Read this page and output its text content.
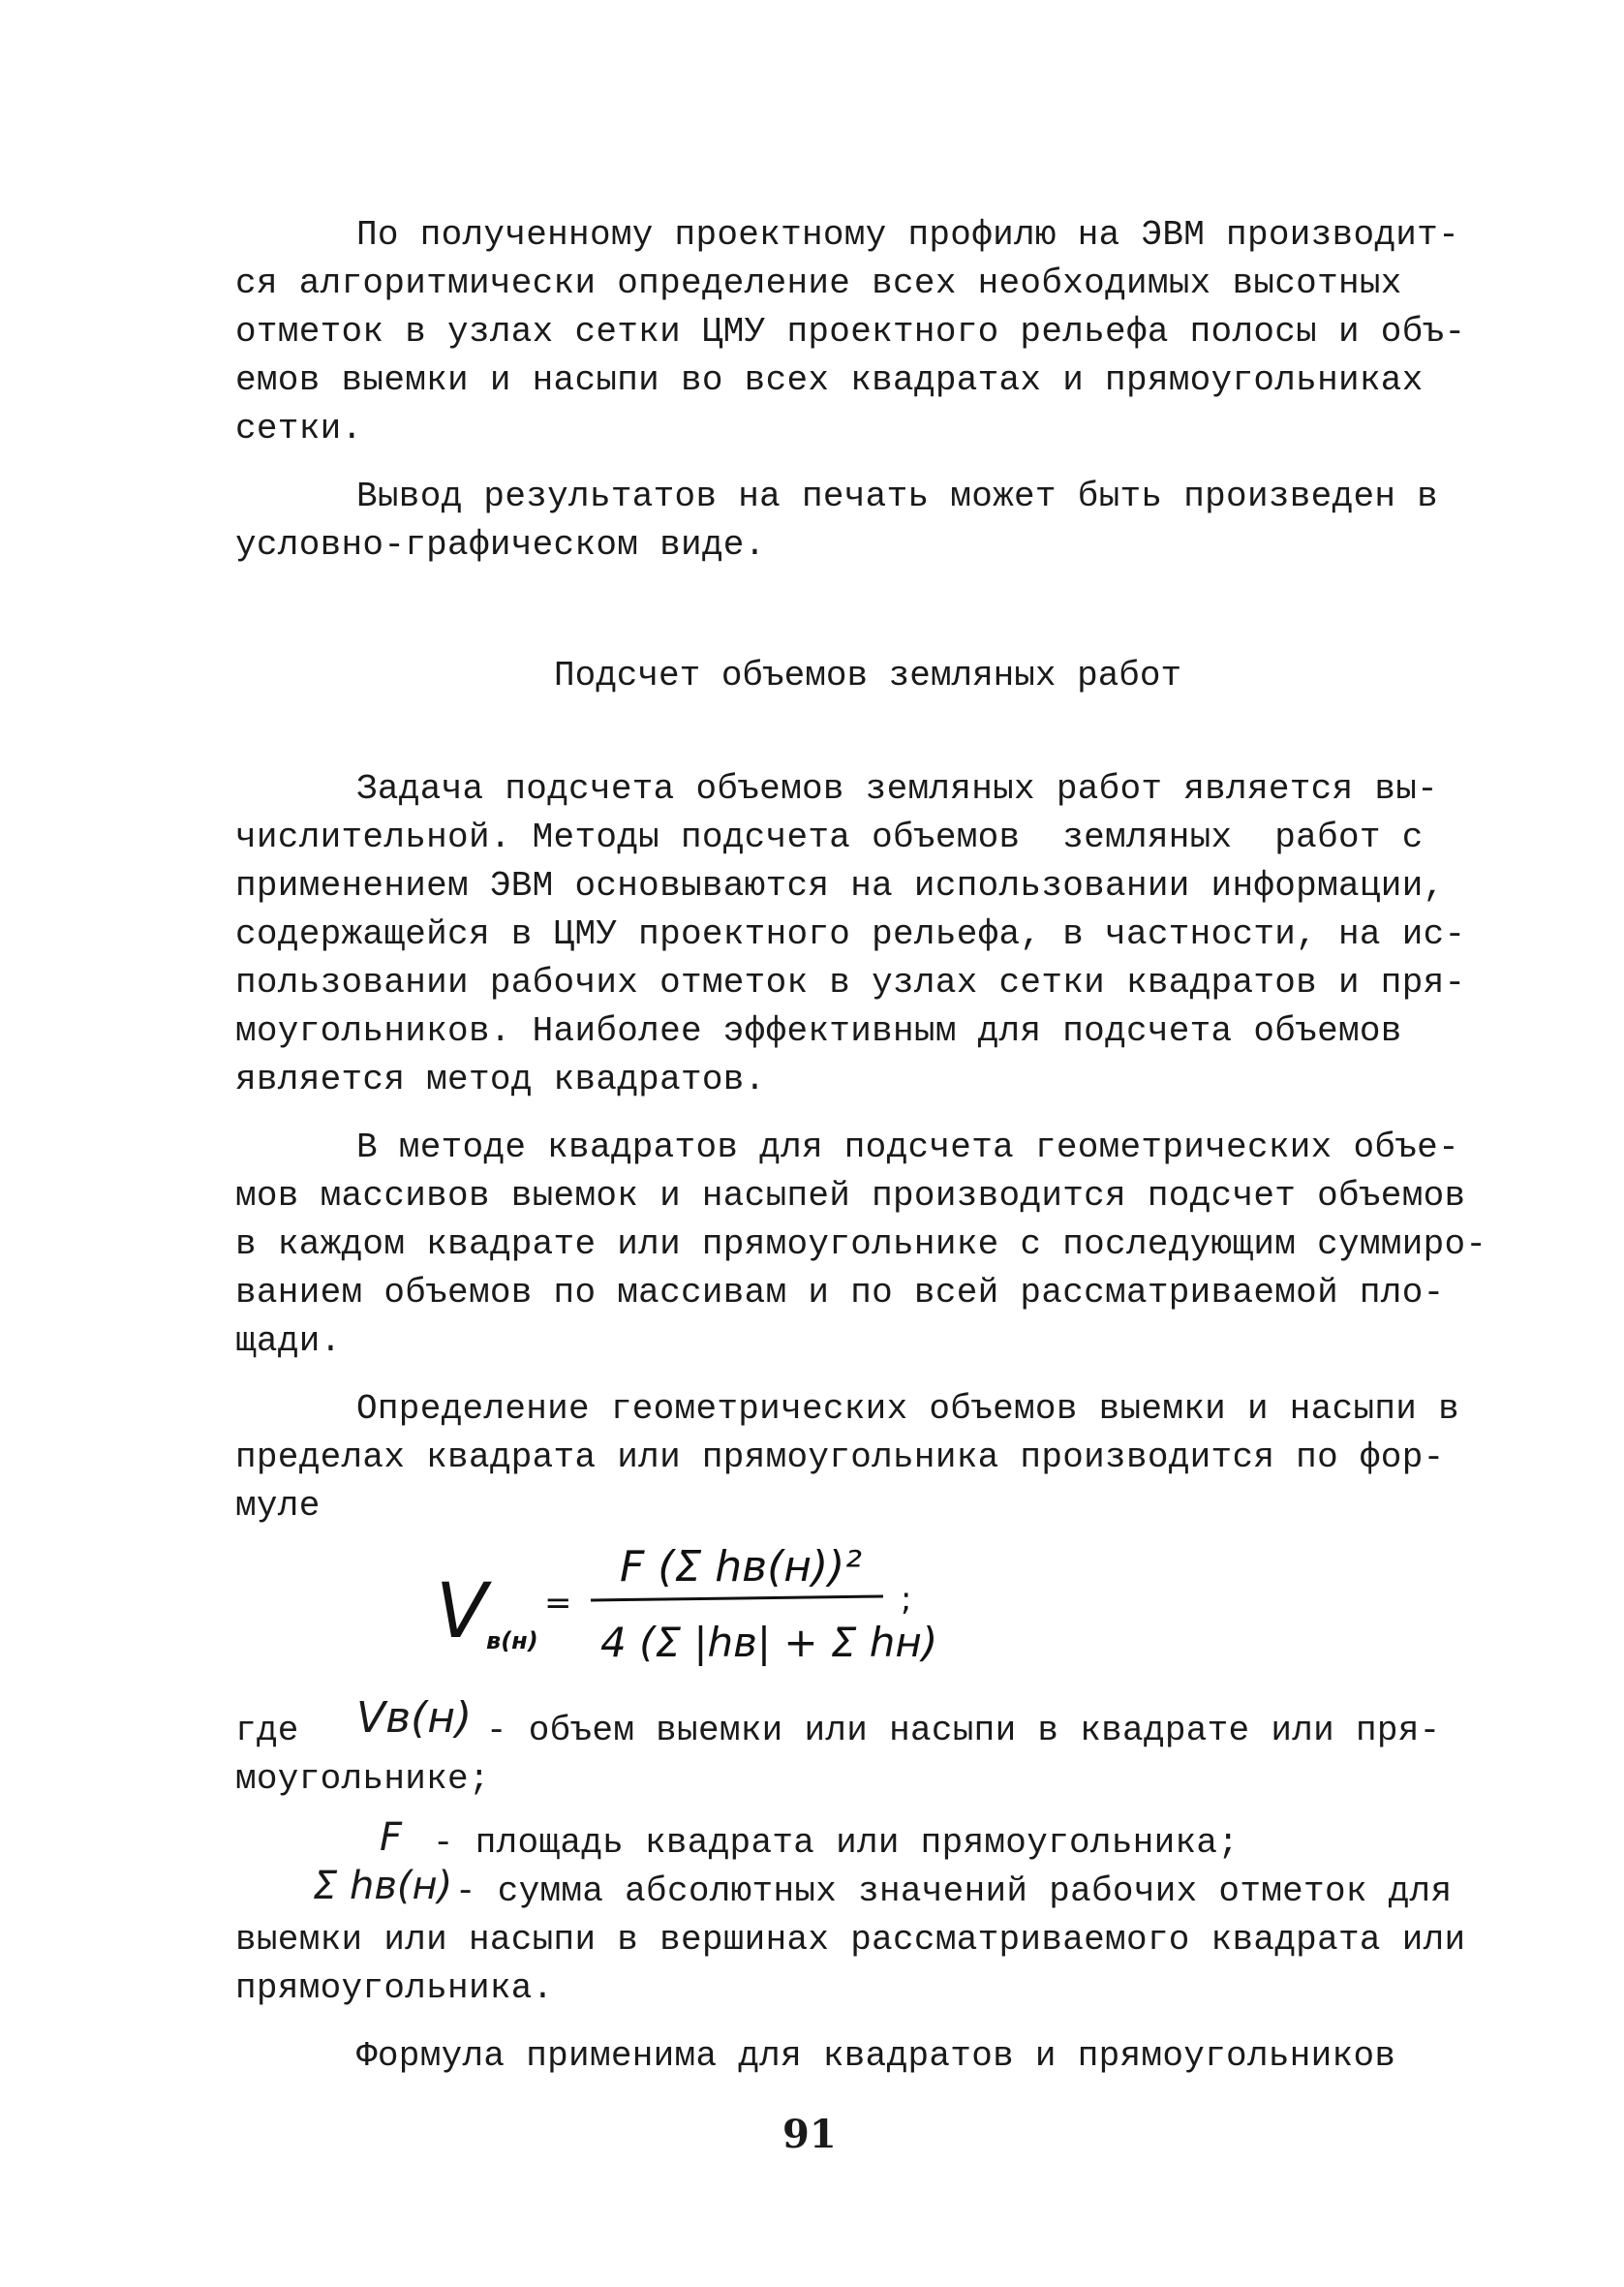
По полученному проектному профилю на ЭВМ производит-
ся алгоритмически определение всех необходимых высотных
отметок в узлах сетки ЦМУ проектного рельефа полосы и объ-
емов выемки и насыпи во всех квадратах и прямоугольниках
сетки.
Вывод результатов на печать может быть произведен в
условно-графическом виде.
Подсчет объемов земляных работ
Задача подсчета объемов земляных работ является вы-
числительной. Методы подсчета объемов  земляных  работ с
применением ЭВМ основываются на использовании информации,
содержащейся в ЦМУ проектного рельефа, в частности, на ис-
пользовании рабочих отметок в узлах сетки квадратов и пря-
моугольников. Наиболее эффективным для подсчета объемов
является метод квадратов.
В методе квадратов для подсчета геометрических объе-
мов массивов выемок и насыпей производится подсчет объемов
в каждом квадрате или прямоугольнике с последующим суммиро-
ванием объемов по массивам и по всей рассматриваемой пло-
щади.
Определение геометрических объемов выемки и насыпи в
пределах квадрата или прямоугольника производится по фор-
муле
V
в(н)
=
F (Σ hв(н))²
4 (Σ |hв| + Σ hн)
;
где Vв(н)
- объем выемки или насыпи в квадрате или пря-
моугольнике;
F - площадь квадрата или прямоугольника;
Σ hв(н)
- сумма абсолютных значений рабочих отметок для
выемки или насыпи в вершинах рассматриваемого квадрата или
прямоугольника.
Формула применима для квадратов и прямоугольников
91
